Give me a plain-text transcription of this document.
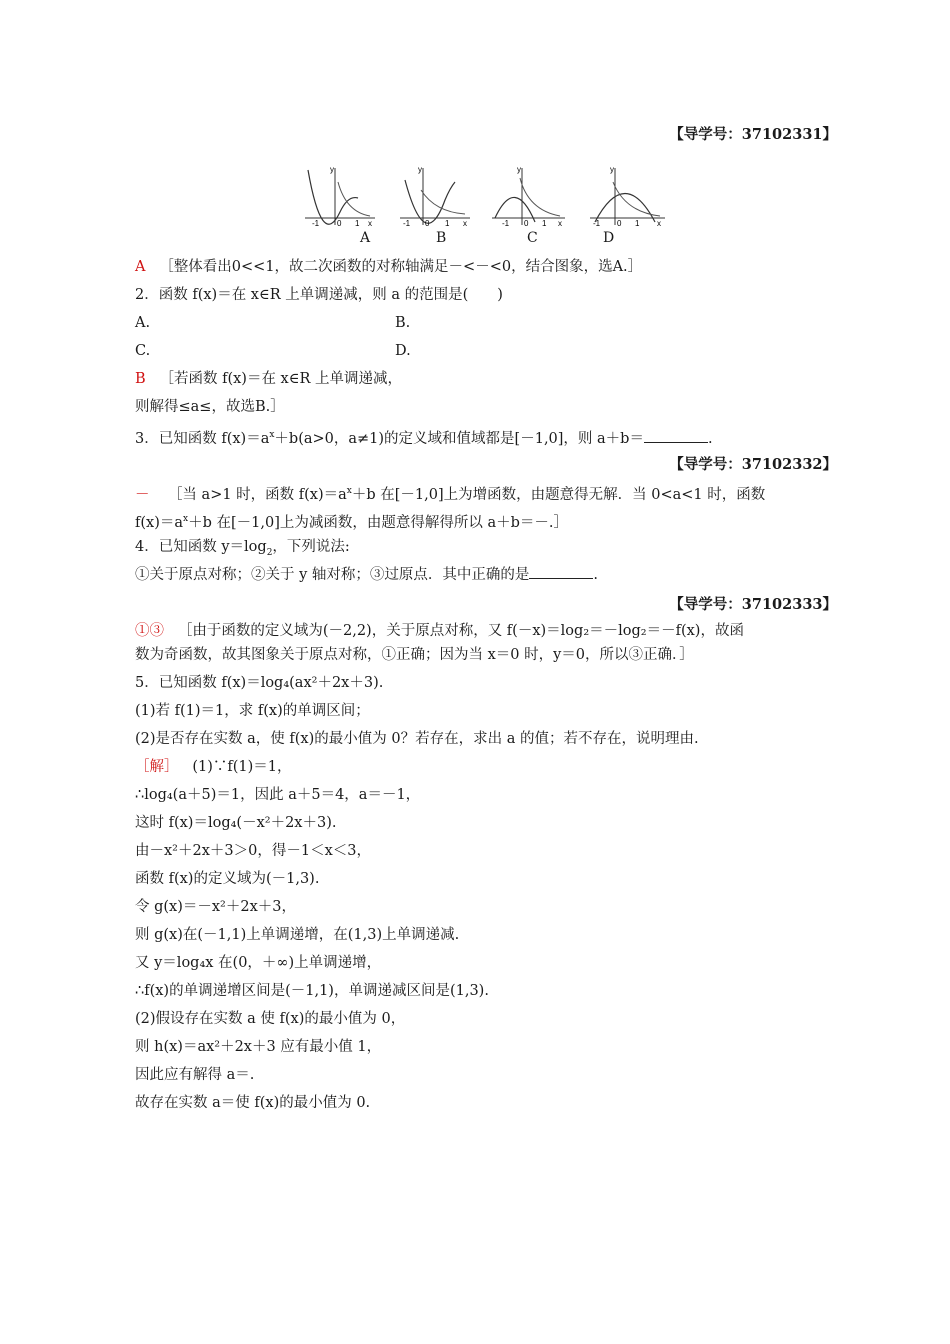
【导学号：37102331】
-1 0 1 x
y
-1 0 1 x
y
-1 0 1 x
y
-1 0 1 x
y
A	B	C	D
A ［整体看出0<<1，故二次函数的对称轴满足－<－<0，结合图象，选A.］
2．函数 f(x)＝在 x∈R 上单调递减，则 a 的范围是(　　)
A.	B.
C.	D.
B ［若函数 f(x)＝在 x∈R 上单调递减，
则解得≤a≤，故选B.］
3．已知函数 $f(x)=a^x+b(a>0$，a≠1)的定义域和值域都是[－1,0]，则 a＋b＝	.
【导学号：37102332】
－ ［当 a>1 时，函数 $f(x)=a^x+b$ 在[－1,0]上为增函数，由题意得无解．当 0<a<1 时，函数
$f(x)=a^x+b$ 在[－1,0]上为减函数，由题意得解得所以 a＋b＝－.］
4．已知函数 $y=\log_2$，下列说法:
①关于原点对称；②关于 y 轴对称；③过原点．其中正确的是	.
【导学号：37102333】
①③ ［由于函数的定义域为(－2,2)，关于原点对称，又 f(－x)＝log₂＝－log₂＝－f(x)，故函
数为奇函数，故其图象关于原点对称，①正确；因为当 x＝0 时，y＝0，所以③正确．］
5．已知函数 f(x)＝log₄(ax²＋2x＋3).
(1)若 f(1)＝1，求 f(x)的单调区间；
(2)是否存在实数 a，使 f(x)的最小值为 0？若存在，求出 a 的值；若不存在，说明理由.
［解］ (1)∵f(1)＝1，
∴log₄(a＋5)＝1，因此 a＋5＝4，a＝－1，
这时 f(x)＝log₄(－x²＋2x＋3).
由－x²＋2x＋3＞0，得－1＜x＜3，
函数 f(x)的定义域为(－1,3).
令 g(x)＝－x²＋2x＋3，
则 g(x)在(－1,1)上单调递增，在(1,3)上单调递减.
又 y＝log₄x 在(0，＋∞)上单调递增，
∴f(x)的单调递增区间是(－1,1)，单调递减区间是(1,3).
(2)假设存在实数 a 使 f(x)的最小值为 0，
则 h(x)＝ax²＋2x＋3 应有最小值 1，
因此应有解得 a＝.
故存在实数 a＝使 f(x)的最小值为 0.
